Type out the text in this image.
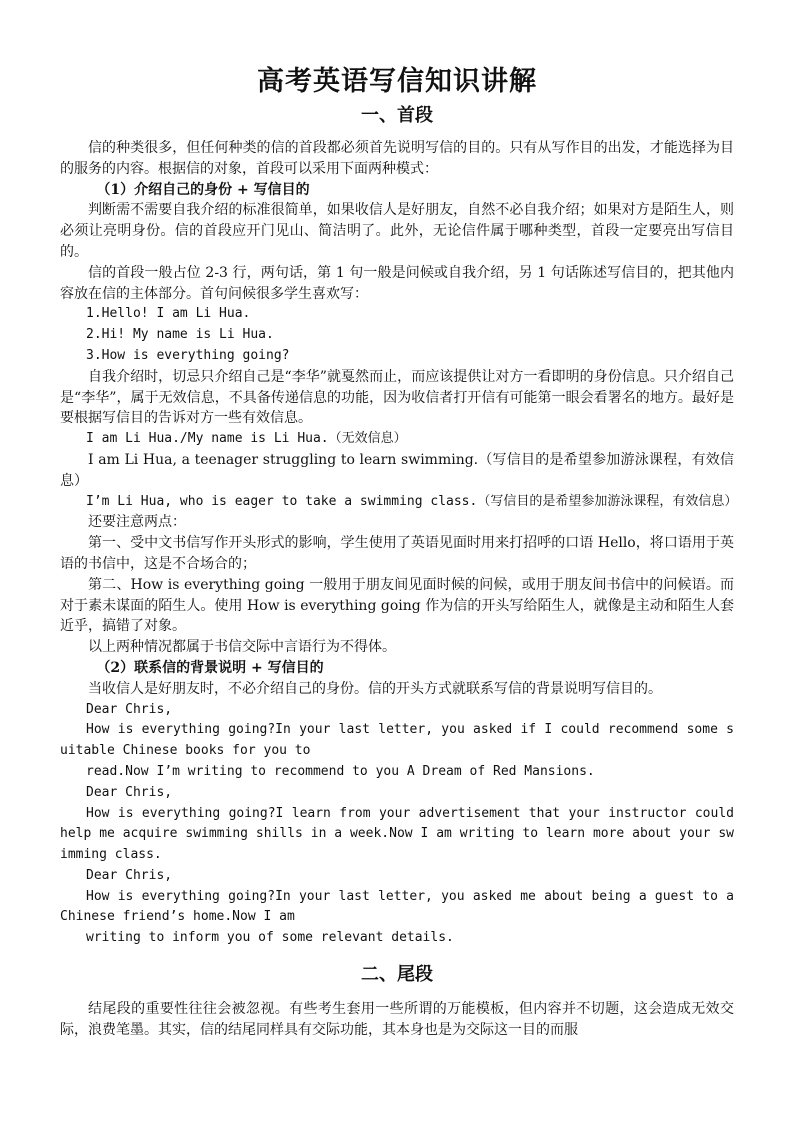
高考英语写信知识讲解
一、首段

信的种类很多，但任何种类的信的首段都必须首先说明写信的目的。只有从写作目的出发，才能选择为目的服务的内容。根据信的对象，首段可以采用下面两种模式：

（1）介绍自己的身份 + 写信目的

判断需不需要自我介绍的标准很简单，如果收信人是好朋友，自然不必自我介绍；如果对方是陌生人，则必须让亮明身份。信的首段应开门见山、简洁明了。此外，无论信件属于哪种类型，首段一定要亮出写信目的。

信的首段一般占位 2-3 行，两句话，第 1 句一般是问候或自我介绍，另 1 句话陈述写信目的，把其他内容放在信的主体部分。首句问候很多学生喜欢写：

1.Hello! I am Li Hua.

2.Hi! My name is Li Hua.

3.How is everything going?

自我介绍时，切忌只介绍自己是“李华”就戛然而止，而应该提供让对方一看即明的身份信息。只介绍自己是“李华”，属于无效信息，不具备传递信息的功能，因为收信者打开信有可能第一眼会看署名的地方。最好是要根据写信目的告诉对方一些有效信息。

I am Li Hua./My name is Li Hua.（无效信息）

I am Li Hua, a teenager struggling to learn swimming.（写信目的是希望参加游泳课程，有效信息）

I’m Li Hua, who is eager to take a swimming class.（写信目的是希望参加游泳课程，有效信息）

还要注意两点：

第一、受中文书信写作开头形式的影响，学生使用了英语见面时用来打招呼的口语 Hello，将口语用于英语的书信中，这是不合场合的；

第二、How is everything going 一般用于朋友间见面时候的问候，或用于朋友间书信中的问候语。而对于素未谋面的陌生人。使用 How is everything going 作为信的开头写给陌生人，就像是主动和陌生人套近乎，搞错了对象。

以上两种情况都属于书信交际中言语行为不得体。

（2）联系信的背景说明 + 写信目的

当收信人是好朋友时，不必介绍自己的身份。信的开头方式就联系写信的背景说明写信目的。

Dear Chris,

How is everything going?In your last letter, you asked if I could recommend some suitable Chinese books for you to

read.Now I’m writing to recommend to you A Dream of Red Mansions.

Dear Chris,

How is everything going?I learn from your advertisement that your instructor could help me acquire swimming shills in a week.Now I am writing to learn more about your swimming class.

Dear Chris,

How is everything going?In your last letter, you asked me about being a guest to a Chinese friend’s home.Now I am

writing to inform you of some relevant details.

二、尾段

结尾段的重要性往往会被忽视。有些考生套用一些所谓的万能模板，但内容并不切题，这会造成无效交际，浪费笔墨。其实，信的结尾同样具有交际功能，其本身也是为交际这一目的而服
